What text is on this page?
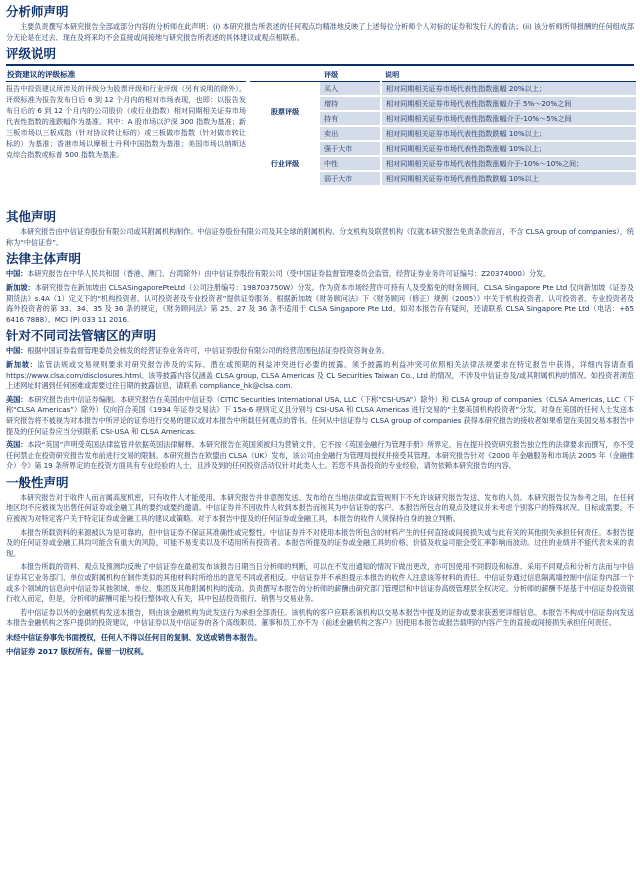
分析师声明
主要负责撰写本研究报告全部或部分内容的分析师在此声明：(i) 本研究报告所表述的任何观点均精准地反映了上述每位分析师个人对标的证券和发行人的看法；(ii) 该分析师所得报酬的任何组成部分无论是在过去、现在及将来均不会直接或间接地与研究报告所表述的具体建议或观点相联系。
评级说明
投资建议的评级标准
报告中投资建议所涉及的评级分为股票评级和行业评级（另有说明的除外）。评级标准为报告发布日后 6 到 12 个月内的相对市场表现，也即：以报告发布日后的 6 到 12 个月内的公司股价（或行业指数）相对同期相关证券市场代表性指数的涨跌幅作为基准。其中：A 股市场以沪深 300 指数为基准；新三板市场以三板成指（针对协议转让标的）或三板做市指数（针对做市转让标的）为基准；香港市场以摩根士丹利中国指数为基准；美国市场以纳斯达克综合指数或标普 500 指数为基准。
	评级	说明
股票评级	买入	相对同期相关证券市场代表性指数涨幅 20%以上；
	增持	相对同期相关证券市场代表性指数涨幅介于 5%～20%之间
	持有	相对同期相关证券市场代表性指数涨幅介于-10%～5%之间
	卖出	相对同期相关证券市场代表性指数跌幅 10%以上；
行业评级	强于大市	相对同期相关证券市场代表性指数涨幅 10%以上；
	中性	相对同期相关证券市场代表性指数涨幅介于-10%～10%之间；
	弱于大市	相对同期相关证券市场代表性指数跌幅 10%以上
其他声明
本研究报告由中信证券股份有限公司或其附属机构制作。中信证券股份有限公司及其全球的附属机构、分支机构及联营机构（仅就本研究报告免责条款而言，不含 CLSA group of companies），统称为“中信证券”。
法律主体声明
中国：本研究报告在中华人民共和国（香港、澳门、台湾除外）由中信证券股份有限公司（受中国证券监督管理委员会监管，经营证券业务许可证编号：Z20374000）分发。
新加坡：本研究报告在新加坡由 CLSASingaporePteLtd（公司注册编号：198703750W）分发。作为资本市场经营许可持有人及受豁免的财务顾问，CLSA Singapore Pte Ltd 仅向新加坡《证券及期货法》s.4A（1）定义下的“机构投资者、认可投资者及专业投资者”提供证券服务。根据新加坡《财务顾问法》下《财务顾问（修正）规例（2005）》中关于机构投资者、认可投资者、专业投资者及海外投资者的第 33、34、35 及 36 条的规定，《财务顾问法》第 25、27 及 36 条不适用于 CLSA Singapore Pte Ltd。如对本报告存有疑问，还请联系 CLSA Singapore Pte Ltd（电话：+65 6416 7888）。MCI (P) 033 11 2016.
针对不同司法管辖区的声明
中国：根据中国证券监督管理委员会核发的经营证券业务许可，中信证券股份有限公司的经营范围包括证券投资咨询业务。
新加坡：监管法规或交易规则要求对研究报告涉及的实际、潜在或预期的利益冲突进行必要的披露。须予披露的利益冲突可依照相关法律法规要求在特定报告中获得，详细内容请查看 https://www.clsa.com/disclosures.html。该等披露内容仅涵盖 CLSA group, CLSA Americas 及 CL Securities Taiwan Co., Ltd 的情况，不涉及中信证券及/或其附属机构的情况。如投资者浏览上述网址时遇到任何困难或需要过往日期的披露信息，请联系 compliance_hk@clsa.com.
美国：本研究报告由中信证券编制。本研究报告在美国由中信证券（CITIC Securities International USA, LLC（下称“CSI-USA”）除外）和 CLSA group of companies（CLSA Americas, LLC（下称“CLSA Americas”）除外）仅向符合美国《1934 年证券交易法》下 15a-6 规则定义且分别与 CSI-USA 和 CLSA Americas 进行交易的“主要美国机构投资者”分发。对身在美国的任何人士发送本研究报告将不被视为对本报告中所评论的证券进行交易的建议或对本报告中所载任何观点的背书。任何从中信证券与 CLSA group of companies 获得本研究报告的接收者如果希望在美国交易本报告中提及的任何证券应当分别联系 CSI-USA 和 CLSA Americas.
英国：本段“英国”声明受英国法律监管并依据英国法律解释。本研究报告在英国须被归为营销文件，它不按《英国金融行为管理手册》所界定、旨在提升投资研究报告独立性的法律要求而撰写，亦不受任何禁止在投资研究报告发布前进行交易的限制。本研究报告在欧盟由 CLSA（UK）发布，该公司由金融行为管理局授权并接受其管理。本研究报告针对《2000 年金融服务和市场法 2005 年（金融推介）令》第 19 条所界定的在投资方面具有专业经验的人士，且涉及到的任何投资活动仅针对此类人士。若您不具备投资的专业经验，请勿依赖本研究报告的内容。
一般性声明
本研究报告对于收件人而言属高度机密，只有收件人才能使用。本研究报告并非意图发送、发布给在当地法律或监管规则下不允许该研究报告发送、发布的人员。本研究报告仅为参考之用，在任何地区均不应被视为出售任何证券或金融工具的要约或要约邀请。中信证券并不因收件人收到本报告而视其为中信证券的客户。本报告所包含的观点及建议并未考虑个别客户的特殊状况、目标或需要，不应被视为对特定客户关于特定证券或金融工具的建议或策略。对于本报告中提及的任何证券或金融工具，本报告的收件人须保持自身的独立判断。
本报告所载资料的来源被认为是可靠的，但中信证券不保证其准确性或完整性。中信证券并不对使用本报告所包含的材料产生的任何直接或间接损失或与此有关的其他损失承担任何责任。本报告提及的任何证券或金融工具均可能含有重大的风险，可能不易变卖以及不适用所有投资者。本报告所提及的证券或金融工具的价格、价值及收益可能会受汇率影响而波动。过往的业绩并不能代表未来的表现。
本报告所载的资料、观点及预测均反映了中信证券在最初发布该报告日期当日分析师的判断，可以在不发出通知的情况下做出更改，亦可因使用不同假设和标准、采用不同观点和分析方法而与中信证券其它业务部门、单位或附属机构在制作类似的其他材料时所给出的意见不同或者相反。中信证券并不承担提示本报告的收件人注意该等材料的责任。中信证券通过信息隔离墙控制中信证券内部一个或多个领域的信息向中信证券其他领域、单位、集团及其他附属机构的流动。负责撰写本报告的分析师的薪酬由研究部门管理层和中信证券高级管理层全权决定。分析师的薪酬不是基于中信证券投资银行收入而定，但是，分析师的薪酬可能与投行整体收入有关，其中包括投资银行、销售与交易业务。
若中信证券以外的金融机构发送本报告，则由该金融机构为此发送行为承担全部责任。该机构的客户应联系该机构以交易本报告中提及的证券或要求获悉更详细信息。本报告不构成中信证券向发送本报告金融机构之客户提供的投资建议，中信证券以及中信证券的各个高级职员、董事和员工亦不为（前述金融机构之客户）因使用本报告或报告载明的内容产生的直接或间接损失承担任何责任。
未经中信证券事先书面授权，任何人不得以任何目的复制、发送或销售本报告。
中信证券 2017 版权所有。保留一切权利。
